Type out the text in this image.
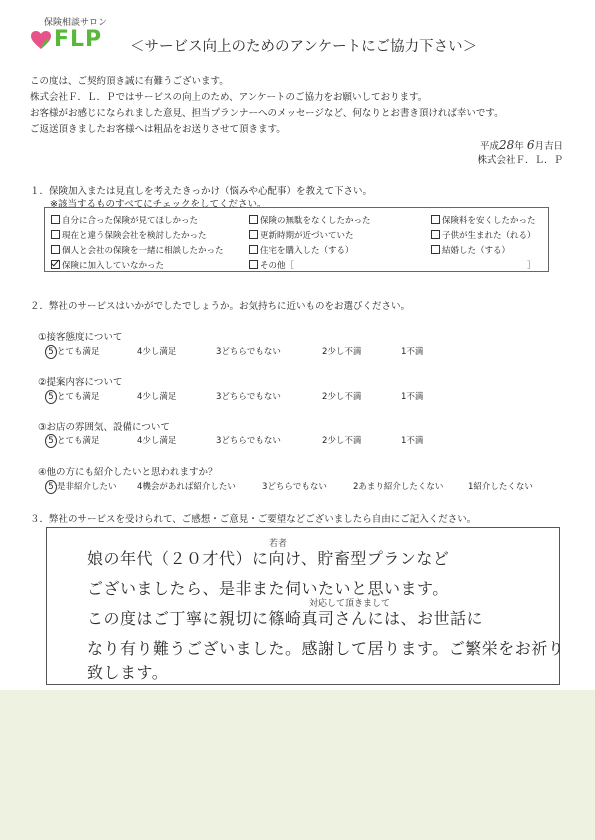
保険相談サロン
FLP ＜サービス向上のためのアンケートにご協力下さい＞
この度は、ご契約頂き誠に有難うございます。
株式会社Ｆ．Ｌ．Ｐではサービスの向上のため、アンケートのご協力をお願いしております。
お客様がお感じになられました意見、担当プランナーへのメッセージなど、何なりとお書き頂ければ幸いです。
ご返送頂きましたお客様へは粗品をお送りさせて頂きます。
平成28年 6月吉日
株式会社Ｆ．Ｌ．Ｐ
１．保険加入または見直しを考えたきっかけ（悩みや心配事）を教えて下さい。
※該当するものすべてにチェックをしてください。
自分に合った保険が見てほしかった	保険の無駄をなくしたかった	保険料を安くしたかった
現在と違う保険会社を検討したかった	更新時期が近づいていた	子供が生まれた（れる）
個人と会社の保険を一緒に相談したかった	住宅を購入した（する）	結婚した（する）
保険に加入していなかった	その他［	］
２．弊社のサービスはいかがでしたでしょうか。お気持ちに近いものをお選びください。
①接客態度について
5 とても満足	4少し満足	3どちらでもない	2少し不満	1不満
②提案内容について
5 とても満足	4少し満足	3どちらでもない	2少し不満	1不満
③お店の雰囲気、設備について
5 とても満足	4少し満足	3どちらでもない	2少し不満	1不満
④他の方にも紹介したいと思われますか？
5 是非紹介したい 4機会があれば紹介したい	3どちらでもない	2あまり紹介したくない	1紹介したくない
３．弊社のサービスを受けられて、ご感想・ご意見・ご要望などございましたら自由にご記入ください。
若者
娘の年代（２０才代）に向け、貯畜型プランなど
ございましたら、是非また伺いたいと思います。
対応して頂きまして
この度はご丁寧に親切に篠崎真司さんには、お世話に
なり有り難うございました。感謝して居ります。ご繁栄をお祈り
致します。
